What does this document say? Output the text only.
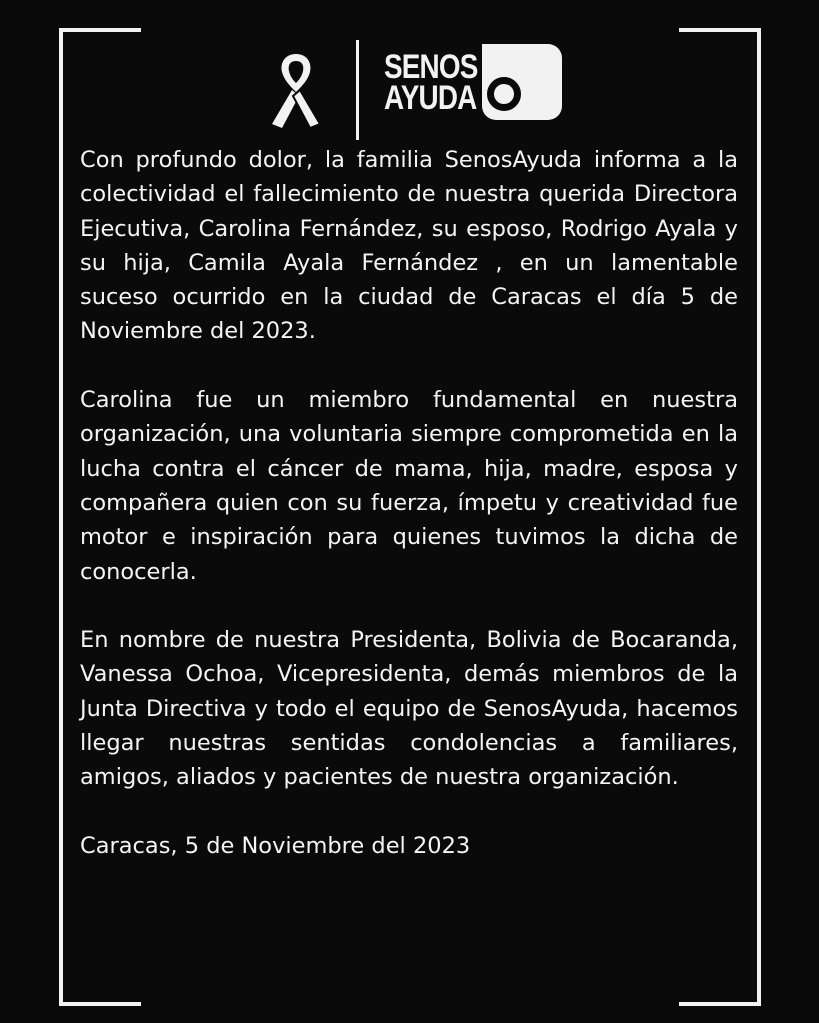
SENOS
AYUDA

Con profundo dolor, la familia SenosAyuda informa a la colectividad el fallecimiento de nuestra querida Directora Ejecutiva, Carolina Fernández, su esposo, Rodrigo Ayala y su hija, Camila Ayala Fernández , en un lamentable suceso ocurrido en la ciudad de Caracas el día 5 de Noviembre del 2023.

Carolina fue un miembro fundamental en nuestra organización, una voluntaria siempre comprometida en la lucha contra el cáncer de mama, hija, madre, esposa y compañera quien con su fuerza, ímpetu y creatividad fue motor e inspiración para quienes tuvimos la dicha de conocerla.

En nombre de nuestra Presidenta, Bolivia de Bocaranda, Vanessa Ochoa, Vicepresidenta, demás miembros de la Junta Directiva y todo el equipo de SenosAyuda, hacemos llegar nuestras sentidas condolencias a familiares, amigos, aliados y pacientes de nuestra organización.

Caracas, 5 de Noviembre del 2023
